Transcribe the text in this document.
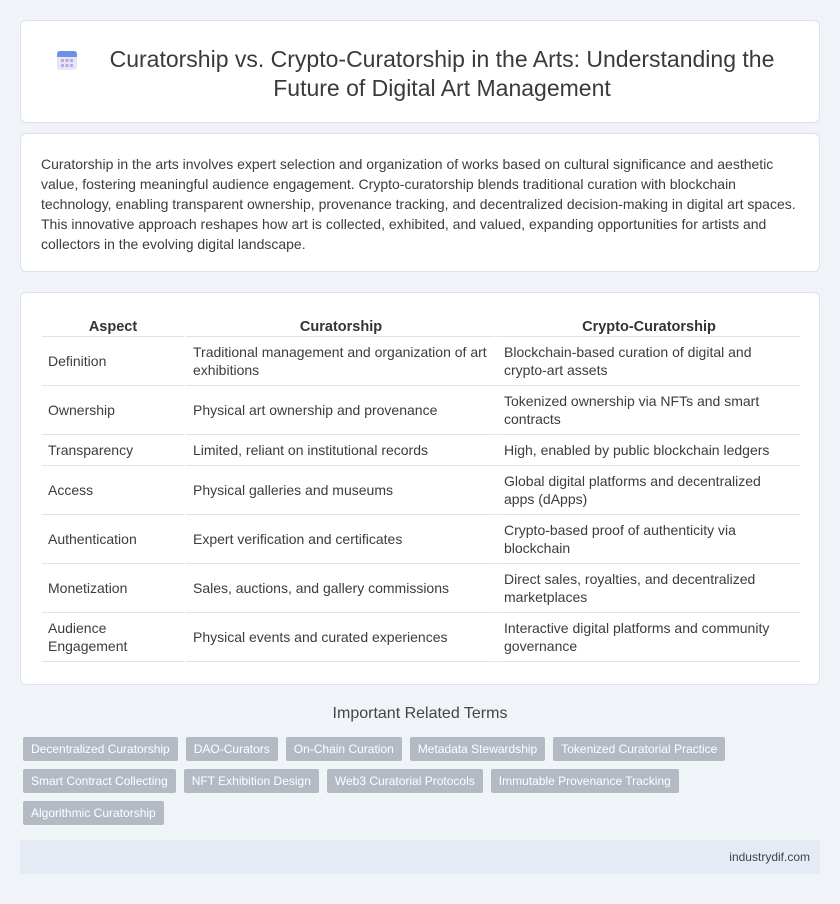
Curatorship vs. Crypto-Curatorship in the Arts: Understanding the Future of Digital Art Management

Curatorship in the arts involves expert selection and organization of works based on cultural significance and aesthetic value, fostering meaningful audience engagement. Crypto-curatorship blends traditional curation with blockchain technology, enabling transparent ownership, provenance tracking, and decentralized decision-making in digital art spaces. This innovative approach reshapes how art is collected, exhibited, and valued, expanding opportunities for artists and collectors in the evolving digital landscape.

Aspect	Curatorship	Crypto-Curatorship
Definition	Traditional management and organization of art exhibitions	Blockchain-based curation of digital and crypto-art assets
Ownership	Physical art ownership and provenance	Tokenized ownership via NFTs and smart contracts
Transparency	Limited, reliant on institutional records	High, enabled by public blockchain ledgers
Access	Physical galleries and museums	Global digital platforms and decentralized apps (dApps)
Authentication	Expert verification and certificates	Crypto-based proof of authenticity via blockchain
Monetization	Sales, auctions, and gallery commissions	Direct sales, royalties, and decentralized marketplaces
Audience Engagement	Physical events and curated experiences	Interactive digital platforms and community governance
Important Related Terms
Decentralized Curatorship	DAO-Curators	On-Chain Curation	Metadata Stewardship	Tokenized Curatorial Practice
Smart Contract Collecting	NFT Exhibition Design	Web3 Curatorial Protocols	Immutable Provenance Tracking
Algorithmic Curatorship
industrydif.com
